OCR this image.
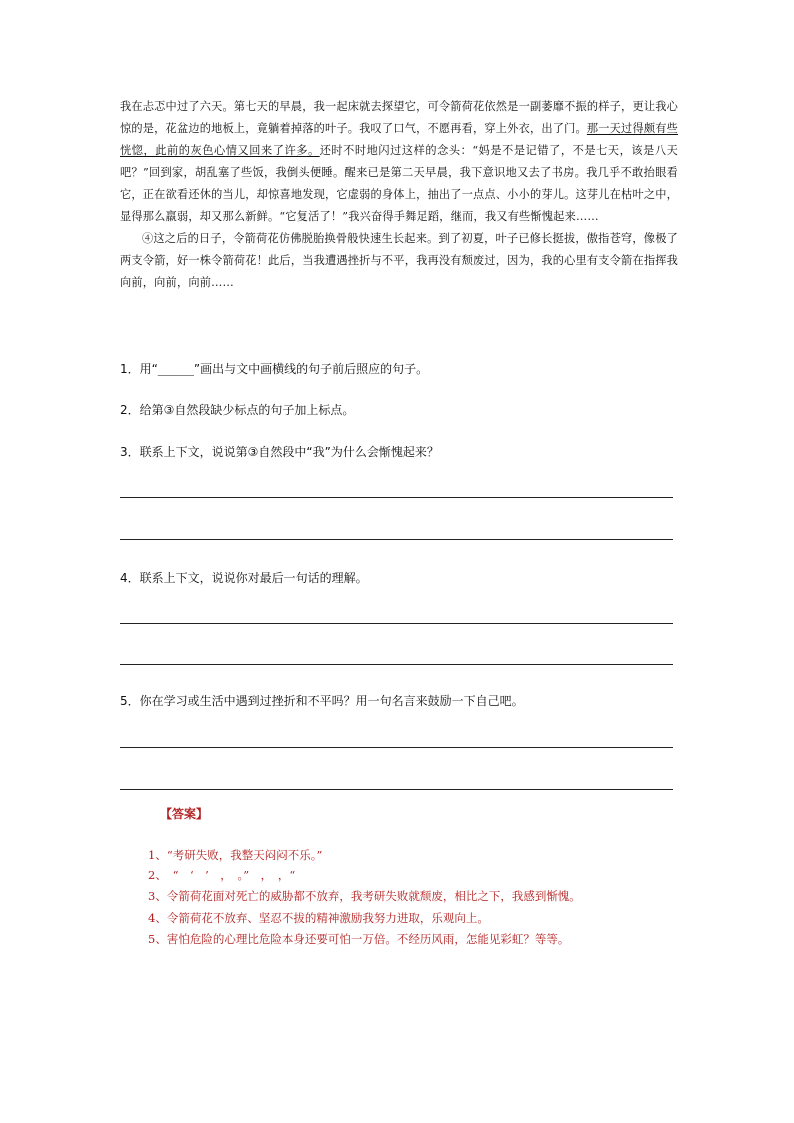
我在忐忑中过了六天。第七天的早晨，我一起床就去探望它，可令箭荷花依然是一副萎靡不振的样子，更让我心惊的是，花盆边的地板上，竟躺着掉落的叶子。我叹了口气，不愿再看，穿上外衣，出了门。那一天过得颇有些恍惚，此前的灰色心情又回来了许多。还时不时地闪过这样的念头：“妈是不是记错了，不是七天，该是八天吧？”回到家，胡乱塞了些饭，我倒头便睡。醒来已是第二天早晨，我下意识地又去了书房。我几乎不敢抬眼看它，正在欲看还休的当儿，却惊喜地发现，它虚弱的身体上，抽出了一点点、小小的芽儿。这芽儿在枯叶之中，显得那么羸弱，却又那么新鲜。“它复活了！”我兴奋得手舞足蹈，继而，我又有些惭愧起来……

④这之后的日子，令箭荷花仿佛脱胎换骨般快速生长起来。到了初夏，叶子已修长挺拔，傲指苍穹，像极了两支令箭，好一株令箭荷花！此后，当我遭遇挫折与不平，我再没有颓废过，因为，我的心里有支令箭在指挥我向前，向前，向前……

1．用“______”画出与文中画横线的句子前后照应的句子。

2．给第③自然段缺少标点的句子加上标点。

3．联系上下文，说说第③自然段中“我”为什么会惭愧起来？

4．联系上下文，说说你对最后一句话的理解。

5．你在学习或生活中遇到过挫折和不平吗？用一句名言来鼓励一下自己吧。

【答案】

1、“考研失败，我整天闷闷不乐。”

2、　“　‘　’　，　。”　，　，“

3、令箭荷花面对死亡的威胁都不放弃，我考研失败就颓废，相比之下，我感到惭愧。

4、令箭荷花不放弃、坚忍不拔的精神激励我努力进取，乐观向上。

5、害怕危险的心理比危险本身还要可怕一万倍。不经历风雨，怎能见彩虹？等等。
